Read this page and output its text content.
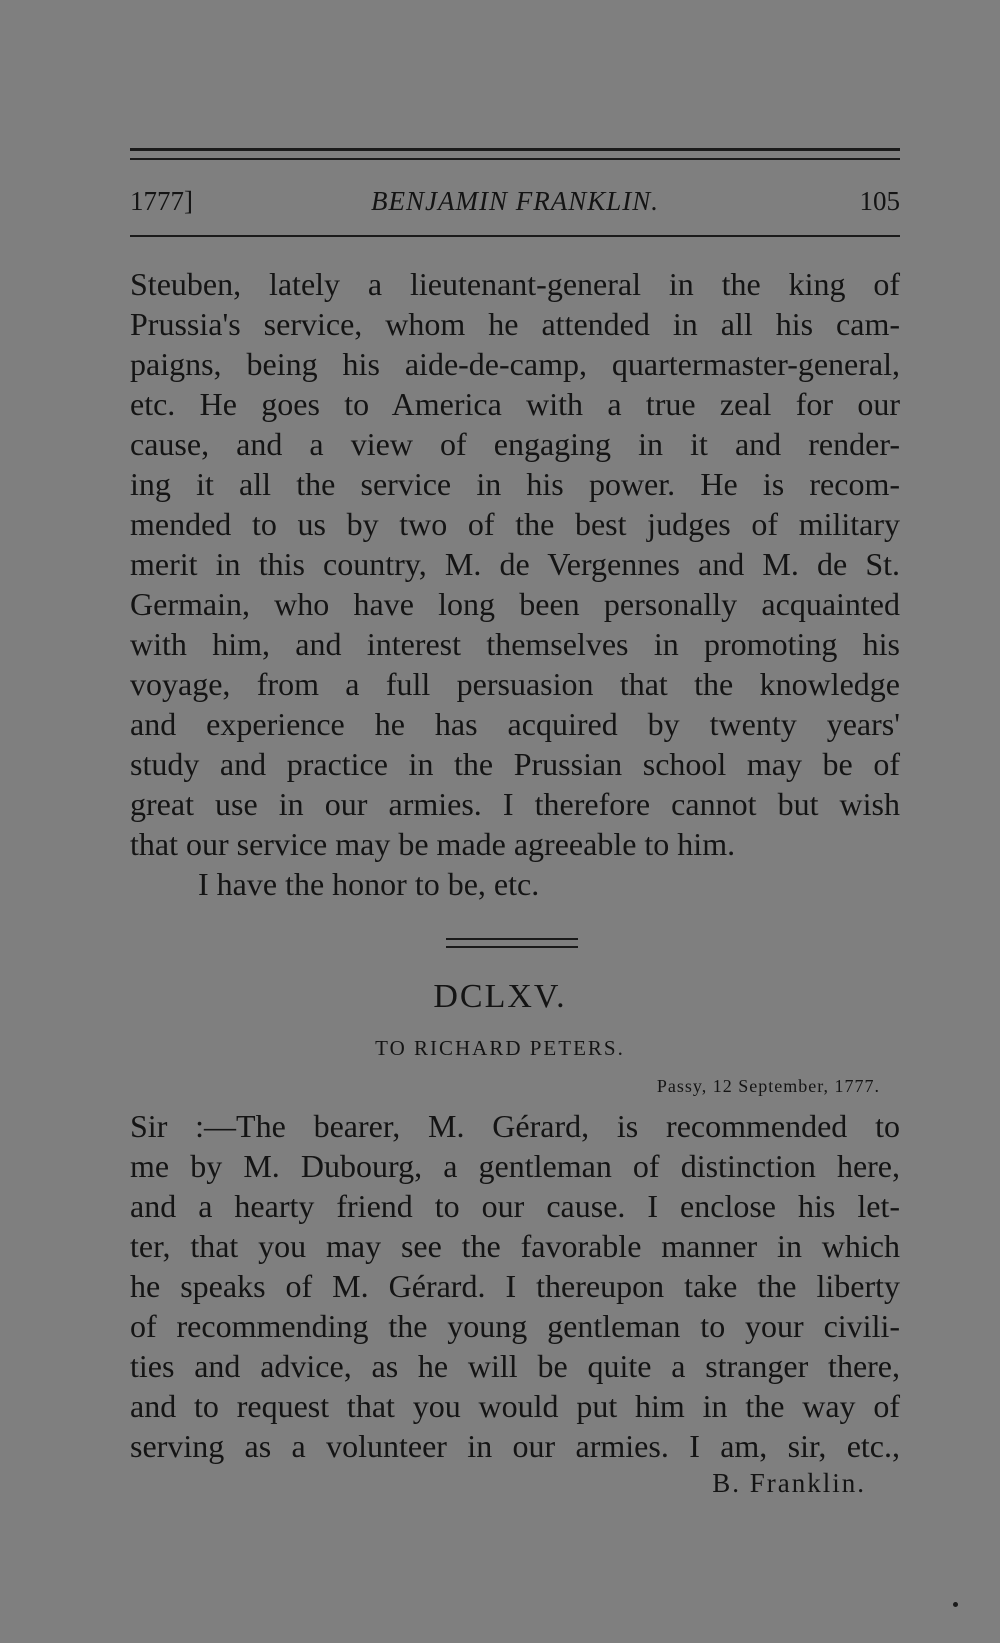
1777]	BENJAMIN FRANKLIN.	105
Steuben, lately a lieutenant-general in the king of
Prussia's service, whom he attended in all his cam-
paigns, being his aide-de-camp, quartermaster-general,
etc. He goes to America with a true zeal for our
cause, and a view of engaging in it and render-
ing it all the service in his power. He is recom-
mended to us by two of the best judges of military
merit in this country, M. de Vergennes and M. de St.
Germain, who have long been personally acquainted
with him, and interest themselves in promoting his
voyage, from a full persuasion that the knowledge
and experience he has acquired by twenty years'
study and practice in the Prussian school may be of
great use in our armies. I therefore cannot but wish
that our service may be made agreeable to him.
I have the honor to be, etc.
DCLXV.
TO RICHARD PETERS.
Passy, 12 September, 1777.
Sir :—The bearer, M. Gérard, is recommended to
me by M. Dubourg, a gentleman of distinction here,
and a hearty friend to our cause. I enclose his let-
ter, that you may see the favorable manner in which
he speaks of M. Gérard. I thereupon take the liberty
of recommending the young gentleman to your civili-
ties and advice, as he will be quite a stranger there,
and to request that you would put him in the way of
serving as a volunteer in our armies. I am, sir, etc.,
B. Franklin.
